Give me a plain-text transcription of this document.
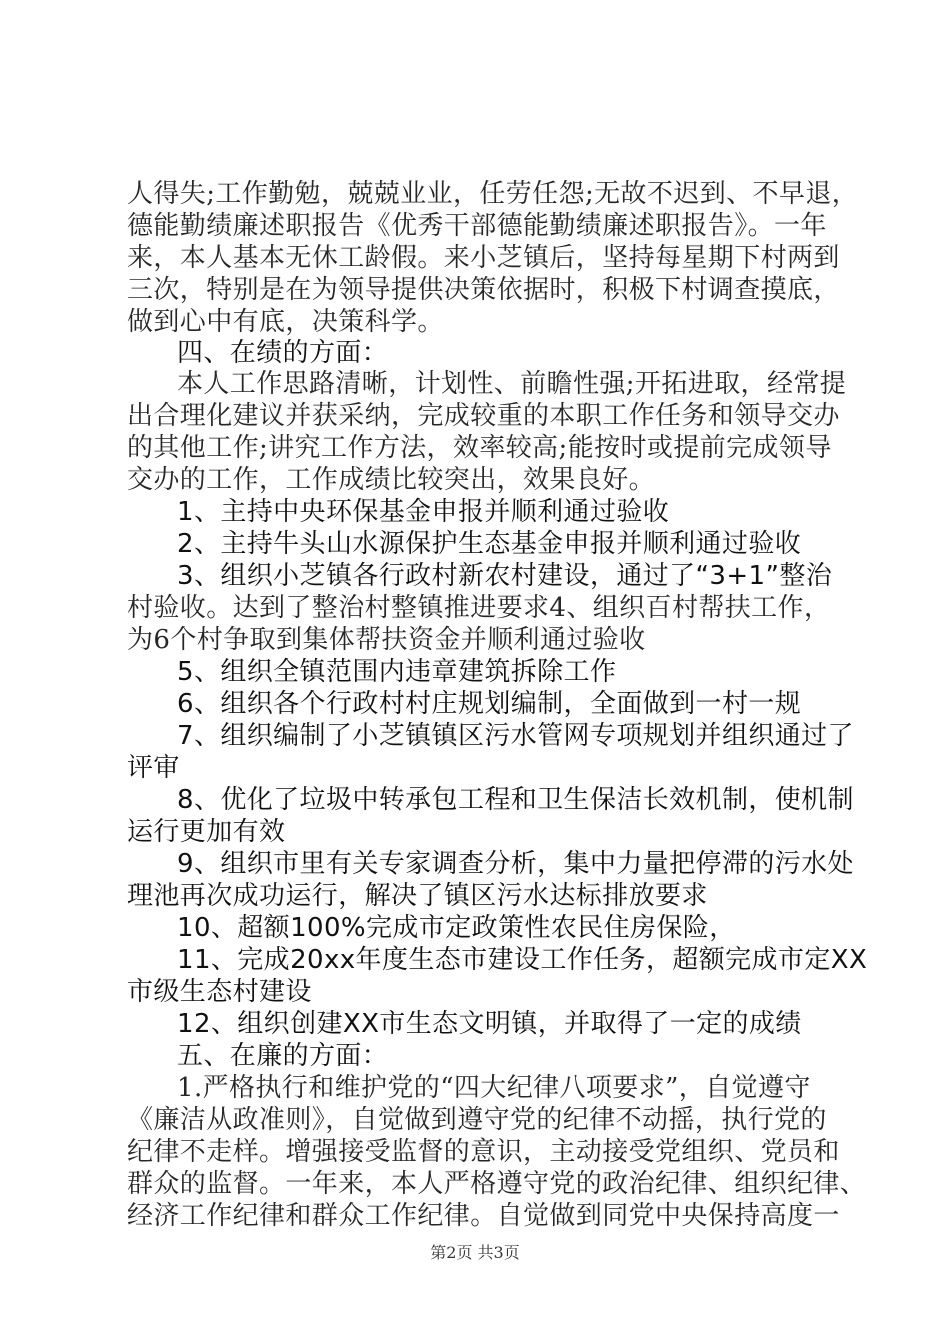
人得失;工作勤勉，兢兢业业，任劳任怨;无故不迟到、不早退，
德能勤绩廉述职报告《优秀干部德能勤绩廉述职报告》。一年
来，本人基本无休工龄假。来小芝镇后，坚持每星期下村两到
三次，特别是在为领导提供决策依据时，积极下村调查摸底，
做到心中有底，决策科学。
四、在绩的方面：
本人工作思路清晰，计划性、前瞻性强;开拓进取，经常提
出合理化建议并获采纳，完成较重的本职工作任务和领导交办
的其他工作;讲究工作方法，效率较高;能按时或提前完成领导
交办的工作，工作成绩比较突出，效果良好。
1、主持中央环保基金申报并顺利通过验收
2、主持牛头山水源保护生态基金申报并顺利通过验收
3、组织小芝镇各行政村新农村建设，通过了“3+1”整治
村验收。达到了整治村整镇推进要求4、组织百村帮扶工作，
为6个村争取到集体帮扶资金并顺利通过验收
5、组织全镇范围内违章建筑拆除工作
6、组织各个行政村村庄规划编制，全面做到一村一规
7、组织编制了小芝镇镇区污水管网专项规划并组织通过了
评审
8、优化了垃圾中转承包工程和卫生保洁长效机制，使机制
运行更加有效
9、组织市里有关专家调查分析，集中力量把停滞的污水处
理池再次成功运行，解决了镇区污水达标排放要求
10、超额100%完成市定政策性农民住房保险，
11、完成20xx年度生态市建设工作任务，超额完成市定XX
市级生态村建设
12、组织创建XX市生态文明镇，并取得了一定的成绩
五、在廉的方面：
1.严格执行和维护党的“四大纪律八项要求”，自觉遵守
《廉洁从政准则》，自觉做到遵守党的纪律不动摇，执行党的
纪律不走样。增强接受监督的意识，主动接受党组织、党员和
群众的监督。一年来，本人严格遵守党的政治纪律、组织纪律、
经济工作纪律和群众工作纪律。自觉做到同党中央保持高度一
第2页 共3页
